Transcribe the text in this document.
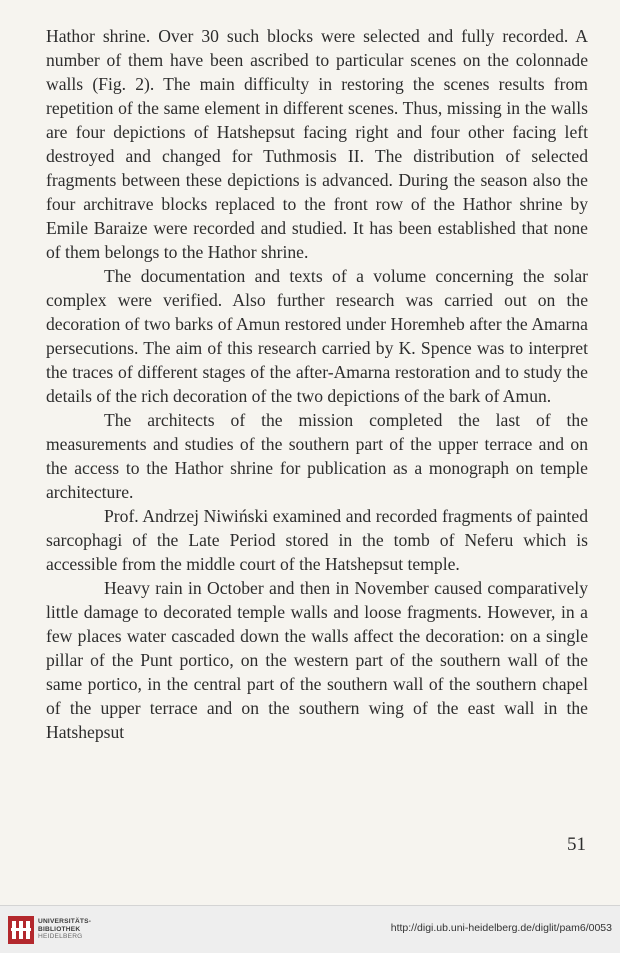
Hathor shrine. Over 30 such blocks were selected and fully recorded. A number of them have been ascribed to particular scenes on the colonnade walls (Fig. 2). The main difficulty in restoring the scenes results from repetition of the same element in different scenes. Thus, missing in the walls are four depictions of Hatshepsut facing right and four other facing left destroyed and changed for Tuthmosis II. The distribution of selected fragments between these depictions is advanced. During the season also the four architrave blocks replaced to the front row of the Hathor shrine by Emile Baraize were recorded and studied. It has been established that none of them belongs to the Hathor shrine.

The documentation and texts of a volume concerning the solar complex were verified. Also further research was carried out on the decoration of two barks of Amun restored under Horemheb after the Amarna persecutions. The aim of this research carried by K. Spence was to interpret the traces of different stages of the after-Amarna restoration and to study the details of the rich decoration of the two depictions of the bark of Amun.

The architects of the mission completed the last of the measurements and studies of the southern part of the upper terrace and on the access to the Hathor shrine for publication as a monograph on temple architecture.

Prof. Andrzej Niwiński examined and recorded fragments of painted sarcophagi of the Late Period stored in the tomb of Neferu which is accessible from the middle court of the Hatshepsut temple.

Heavy rain in October and then in November caused comparatively little damage to decorated temple walls and loose fragments. However, in a few places water cascaded down the walls affect the decoration: on a single pillar of the Punt portico, on the western part of the southern wall of the same portico, in the central part of the southern wall of the southern chapel of the upper terrace and on the southern wing of the east wall in the Hatshepsut

51
UNIVERSITÄTS-
BIBLIOTHEK
HEIDELBERG
http://digi.ub.uni-heidelberg.de/diglit/pam6/0053
